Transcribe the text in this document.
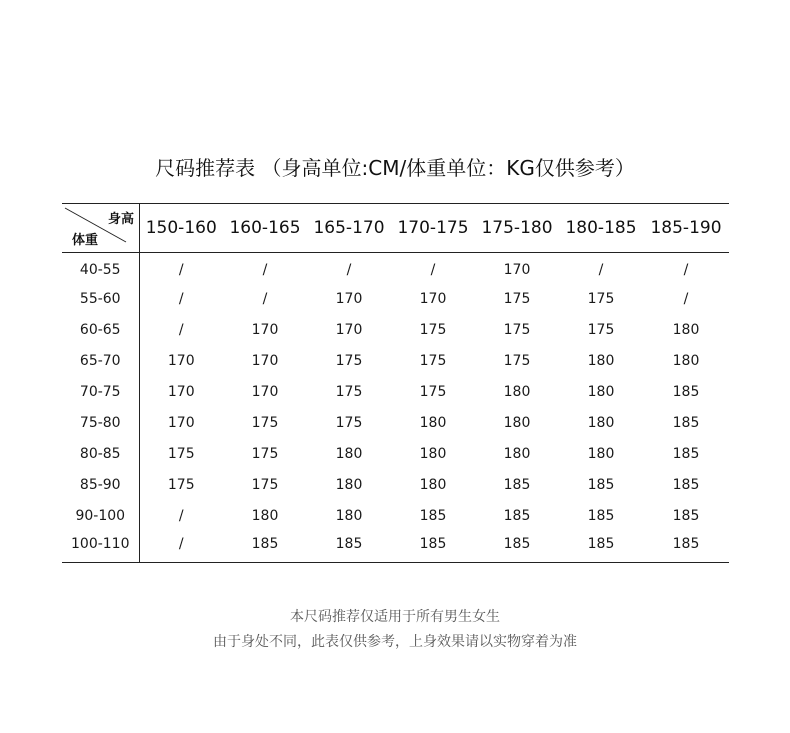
尺码推荐表 （身高单位:CM/体重单位：KG仅供参考）
身高
体重	150-160	160-165	165-170	170-175	175-180	180-185	185-190
40-55	/	/	/	/	170	/	/
55-60	/	/	170	170	175	175	/
60-65	/	170	170	175	175	175	180
65-70	170	170	175	175	175	180	180
70-75	170	170	175	175	180	180	185
75-80	170	175	175	180	180	180	185
80-85	175	175	180	180	180	180	185
85-90	175	175	180	180	185	185	185
90-100	/	180	180	185	185	185	185
100-110	/	185	185	185	185	185	185
本尺码推荐仅适用于所有男生女生
由于身处不同，此表仅供参考，上身效果请以实物穿着为准
